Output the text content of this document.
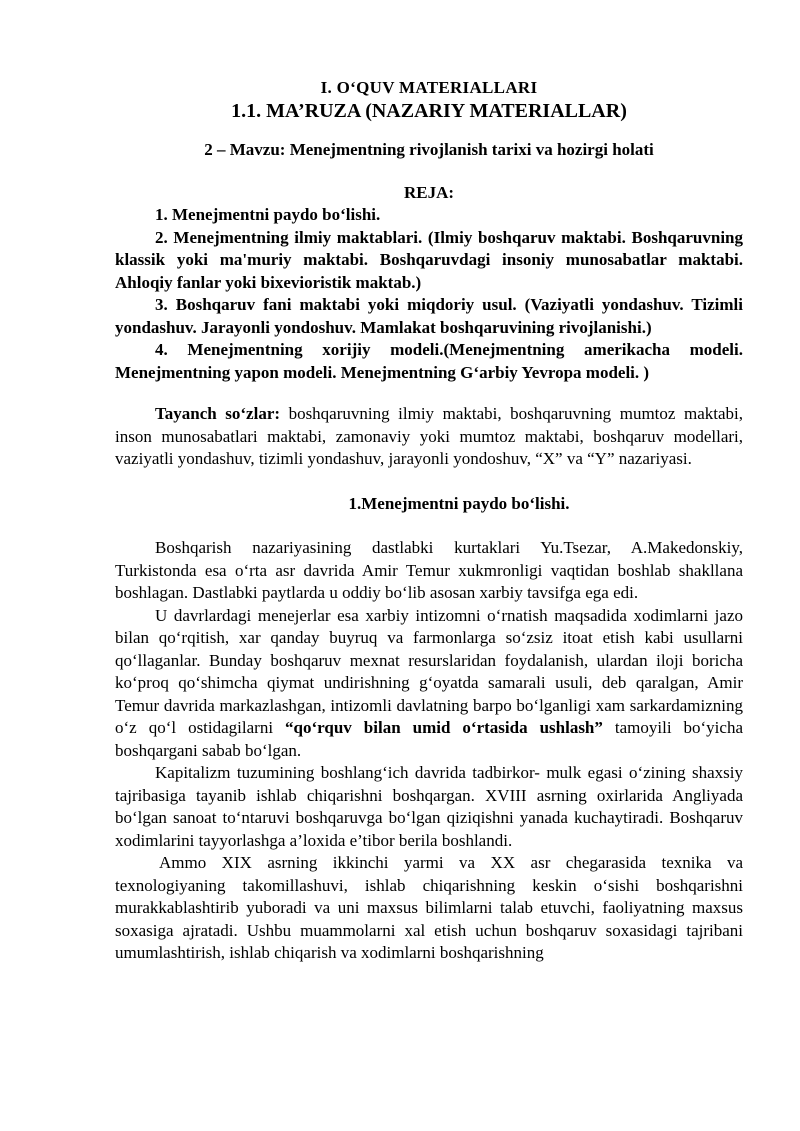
I. O‘QUV MATERIALLARI
1.1. MA’RUZA (NAZARIY MATERIALLAR)
2 – Mavzu: Menejmentning rivojlanish tarixi va hozirgi holati
REJA:

1. Menejmentni paydo bo‘lishi.

2. Menejmentning ilmiy maktablari. (Ilmiy boshqaruv maktabi. Boshqaruvning klassik yoki ma'muriy maktabi. Boshqaruvdagi insoniy munosabatlar maktabi. Ahloqiy fanlar yoki bixevioristik maktab.)

3. Boshqaruv fani maktabi yoki miqdoriy usul. (Vaziyatli yondashuv. Tizimli yondashuv. Jarayonli yondoshuv. Mamlakat boshqaruvining rivojlanishi.)

4. Menejmentning xorijiy modeli.(Menejmentning amerikacha modeli. Menejmentning yapon modeli. Menejmentning G‘arbiy Yevropa modeli. )

Tayanch so‘zlar: boshqaruvning ilmiy maktabi, boshqaruvning mumtoz maktabi, inson munosabatlari maktabi, zamonaviy yoki mumtoz maktabi, boshqaruv modellari, vaziyatli yondashuv, tizimli yondashuv, jarayonli yondoshuv, “X” va “Y” nazariyasi.

1.Menejmentni paydo bo‘lishi.

Boshqarish nazariyasining dastlabki kurtaklari Yu.Tsezar, A.Makedonskiy, Turkistonda esa o‘rta asr davrida Amir Temur xukmronligi vaqtidan boshlab shakllana boshlagan. Dastlabki paytlarda u oddiy bo‘lib asosan xarbiy tavsifga ega edi.

U davrlardagi menejerlar esa xarbiy intizomni o‘rnatish maqsadida xodimlarni jazo bilan qo‘rqitish, xar qanday buyruq va farmonlarga so‘zsiz itoat etish kabi usullarni qo‘llaganlar. Bunday boshqaruv mexnat resurslaridan foydalanish, ulardan iloji boricha ko‘proq qo‘shimcha qiymat undirishning g‘oyatda samarali usuli, deb qaralgan, Amir Temur davrida markazlashgan, intizomli davlatning barpo bo‘lganligi xam sarkardamizning o‘z qo‘l ostidagilarni “qo‘rquv bilan umid o‘rtasida ushlash” tamoyili bo‘yicha boshqargani sabab bo‘lgan.

Kapitalizm tuzumining boshlang‘ich davrida tadbirkor- mulk egasi o‘zining shaxsiy tajribasiga tayanib ishlab chiqarishni boshqargan. XVIII asrning oxirlarida Angliyada bo‘lgan sanoat to‘ntaruvi boshqaruvga bo‘lgan qiziqishni yanada kuchaytiradi. Boshqaruv xodimlarini tayyorlashga a’loxida e’tibor berila boshlandi.

Ammo XIX asrning ikkinchi yarmi va XX asr chegarasida texnika va texnologiyaning takomillashuvi, ishlab chiqarishning keskin o‘sishi boshqarishni murakkablashtirib yuboradi va uni maxsus bilimlarni talab etuvchi, faoliyatning maxsus soxasiga ajratadi. Ushbu muammolarni xal etish uchun boshqaruv soxasidagi tajribani umumlashtirish, ishlab chiqarish va xodimlarni boshqarishning
